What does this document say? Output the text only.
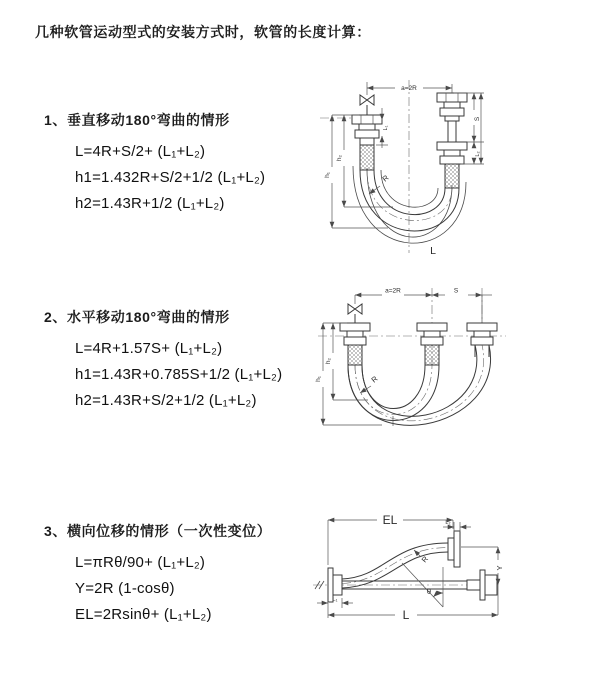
几种软管运动型式的安装方式时，软管的长度计算：
1、垂直移动180°弯曲的情形
L=4R+S/2+ (L₁+L₂)
h1=1.432R+S/2+1/2 (L₁+L₂)
h2=1.43R+1/2 (L₁+L₂)
2、水平移动180°弯曲的情形
L=4R+1.57S+ (L₁+L₂)
h1=1.43R+0.785S+1/2 (L₁+L₂)
h2=1.43R+S/2+1/2 (L₁+L₂)
3、横向位移的情形（一次性变位）
L=πRθ/90+ (L₁+L₂)
Y=2R (1-cosθ)
EL=2Rsinθ+ (L₁+L₂)
a=2R
S
L₂
L₁
h₂
h₁	R
L
a=2R	S
h₂
h₁	R
EL	L₂
Y
θ
R
L₁
L
